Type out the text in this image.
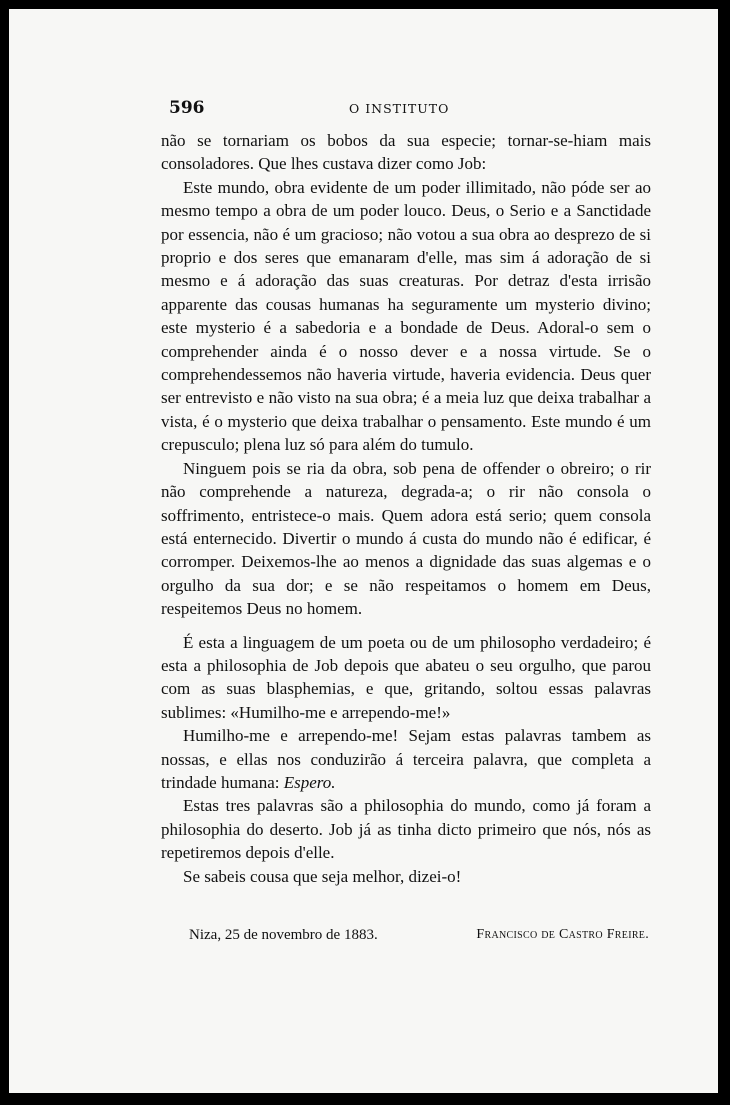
596	O INSTITUTO

não se tornariam os bobos da sua especie; tornar-se-hiam mais consoladores. Que lhes custava dizer como Job:

Este mundo, obra evidente de um poder illimitado, não póde ser ao mesmo tempo a obra de um poder louco. Deus, o Serio e a Sanctidade por essencia, não é um gracioso; não votou a sua obra ao desprezo de si proprio e dos seres que emanaram d'elle, mas sim á adoração de si mesmo e á adoração das suas creaturas. Por detraz d'esta irrisão apparente das cousas humanas ha seguramente um mysterio divino; este mysterio é a sabedoria e a bondade de Deus. Adoral-o sem o comprehender ainda é o nosso dever e a nossa virtude. Se o comprehendessemos não haveria virtude, haveria evidencia. Deus quer ser entrevisto e não visto na sua obra; é a meia luz que deixa trabalhar a vista, é o mysterio que deixa trabalhar o pensamento. Este mundo é um crepusculo; plena luz só para além do tumulo.

Ninguem pois se ria da obra, sob pena de offender o obreiro; o rir não comprehende a natureza, degrada-a; o rir não consola o soffrimento, entristece-o mais. Quem adora está serio; quem consola está enternecido. Divertir o mundo á custa do mundo não é edificar, é corromper. Deixemos-lhe ao menos a dignidade das suas algemas e o orgulho da sua dor; e se não respeitamos o homem em Deus, respeitemos Deus no homem.

É esta a linguagem de um poeta ou de um philosopho verdadeiro; é esta a philosophia de Job depois que abateu o seu orgulho, que parou com as suas blasphemias, e que, gritando, soltou essas palavras sublimes: «Humilho-me e arrependo-me!»

Humilho-me e arrependo-me! Sejam estas palavras tambem as nossas, e ellas nos conduzirão á terceira palavra, que completa a trindade humana: Espero.

Estas tres palavras são a philosophia do mundo, como já foram a philosophia do deserto. Job já as tinha dicto primeiro que nós, nós as repetiremos depois d'elle.

Se sabeis cousa que seja melhor, dizei-o!

Niza, 25 de novembro de 1883.	Francisco de Castro Freire.
